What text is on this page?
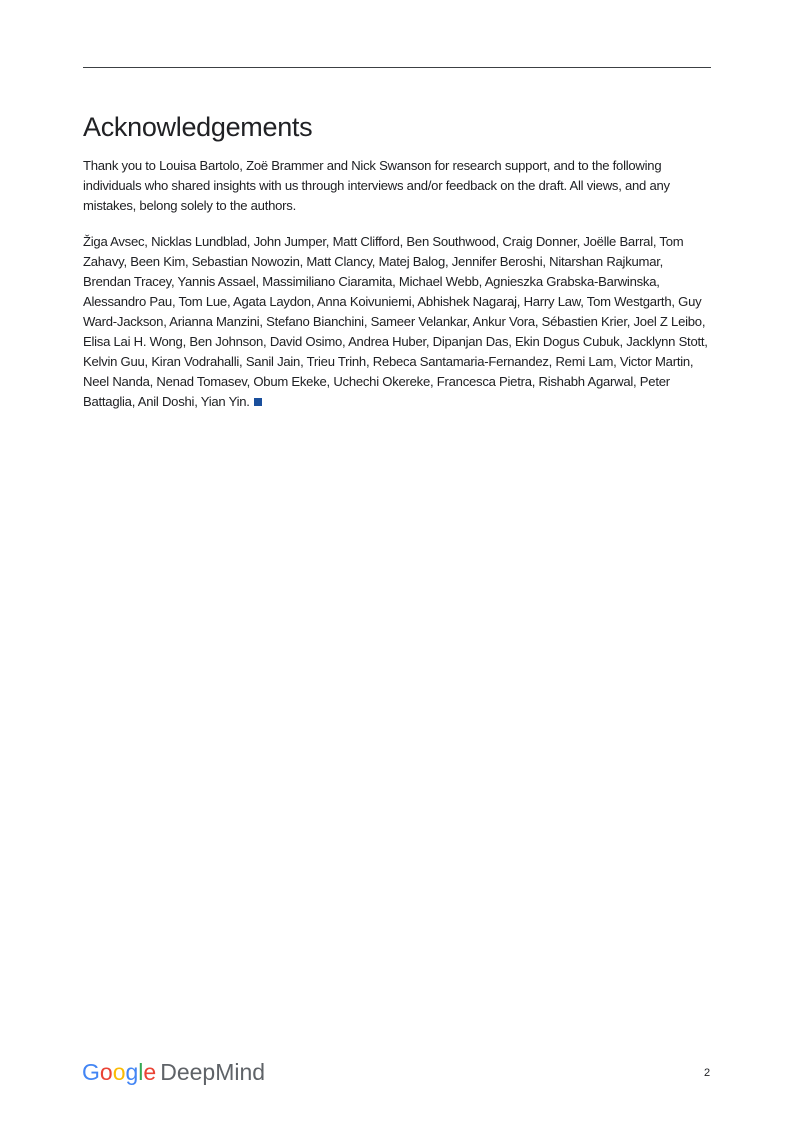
Acknowledgements

Thank you to Louisa Bartolo, Zoë Brammer and Nick Swanson for research support, and to the following individuals who shared insights with us through interviews and/or feedback on the draft. All views, and any mistakes, belong solely to the authors.

Žiga Avsec, Nicklas Lundblad, John Jumper, Matt Clifford, Ben Southwood, Craig Donner, Joëlle Barral, Tom Zahavy, Been Kim, Sebastian Nowozin, Matt Clancy, Matej Balog, Jennifer Beroshi, Nitarshan Rajkumar, Brendan Tracey, Yannis Assael, Massimiliano Ciaramita, Michael Webb, Agnieszka Grabska-Barwinska, Alessandro Pau, Tom Lue, Agata Laydon, Anna Koivuniemi, Abhishek Nagaraj, Harry Law, Tom Westgarth, Guy Ward-Jackson, Arianna Manzini, Stefano Bianchini, Sameer Velankar, Ankur Vora, Sébastien Krier, Joel Z Leibo, Elisa Lai H. Wong, Ben Johnson, David Osimo, Andrea Huber, Dipanjan Das, Ekin Dogus Cubuk, Jacklynn Stott, Kelvin Guu, Kiran Vodrahalli, Sanil Jain, Trieu Trinh, Rebeca Santamaria-Fernandez, Remi Lam, Victor Martin, Neel Nanda, Nenad Tomasev, Obum Ekeke, Uchechi Okereke, Francesca Pietra, Rishabh Agarwal, Peter Battaglia, Anil Doshi, Yian Yin.

Google DeepMind	2
